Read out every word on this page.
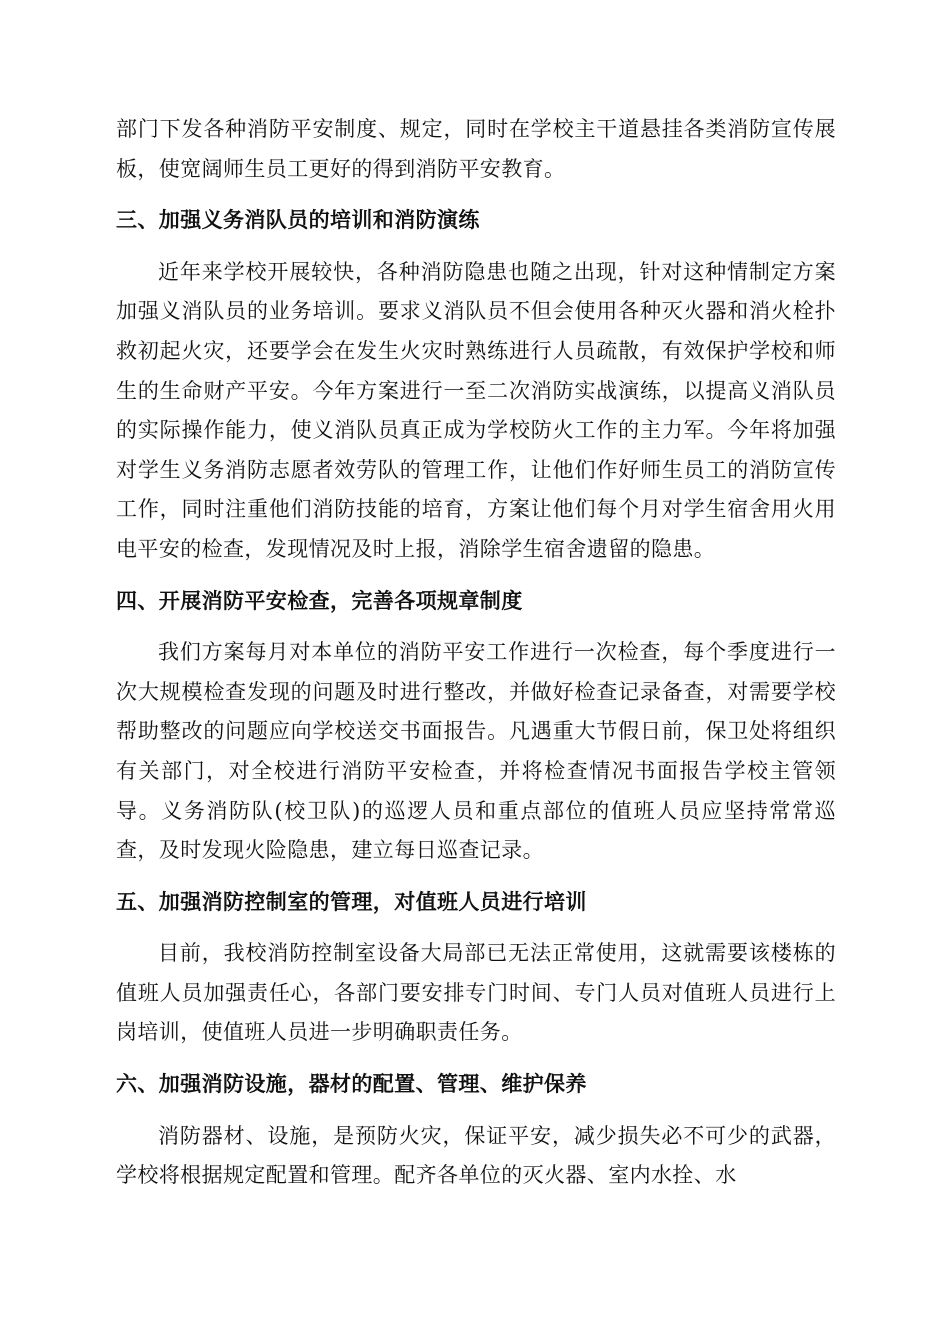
部门下发各种消防平安制度、规定，同时在学校主干道悬挂各类消防宣传展板，使宽阔师生员工更好的得到消防平安教育。

三、加强义务消队员的培训和消防演练

近年来学校开展较快，各种消防隐患也随之出现，针对这种情制定方案加强义消队员的业务培训。要求义消队员不但会使用各种灭火器和消火栓扑救初起火灾，还要学会在发生火灾时熟练进行人员疏散，有效保护学校和师生的生命财产平安。今年方案进行一至二次消防实战演练，以提高义消队员的实际操作能力，使义消队员真正成为学校防火工作的主力军。今年将加强对学生义务消防志愿者效劳队的管理工作，让他们作好师生员工的消防宣传工作，同时注重他们消防技能的培育，方案让他们每个月对学生宿舍用火用电平安的检查，发现情况及时上报，消除学生宿舍遗留的隐患。

四、开展消防平安检查，完善各项规章制度

我们方案每月对本单位的消防平安工作进行一次检查，每个季度进行一次大规模检查发现的问题及时进行整改，并做好检查记录备查，对需要学校帮助整改的问题应向学校送交书面报告。凡遇重大节假日前，保卫处将组织有关部门，对全校进行消防平安检查，并将检查情况书面报告学校主管领导。义务消防队(校卫队)的巡逻人员和重点部位的值班人员应坚持常常巡查，及时发现火险隐患，建立每日巡查记录。

五、加强消防控制室的管理，对值班人员进行培训

目前，我校消防控制室设备大局部已无法正常使用，这就需要该楼栋的值班人员加强责任心，各部门要安排专门时间、专门人员对值班人员进行上岗培训，使值班人员进一步明确职责任务。

六、加强消防设施，器材的配置、管理、维护保养

消防器材、设施，是预防火灾，保证平安，减少损失必不可少的武器，学校将根据规定配置和管理。配齐各单位的灭火器、室内水拴、水
